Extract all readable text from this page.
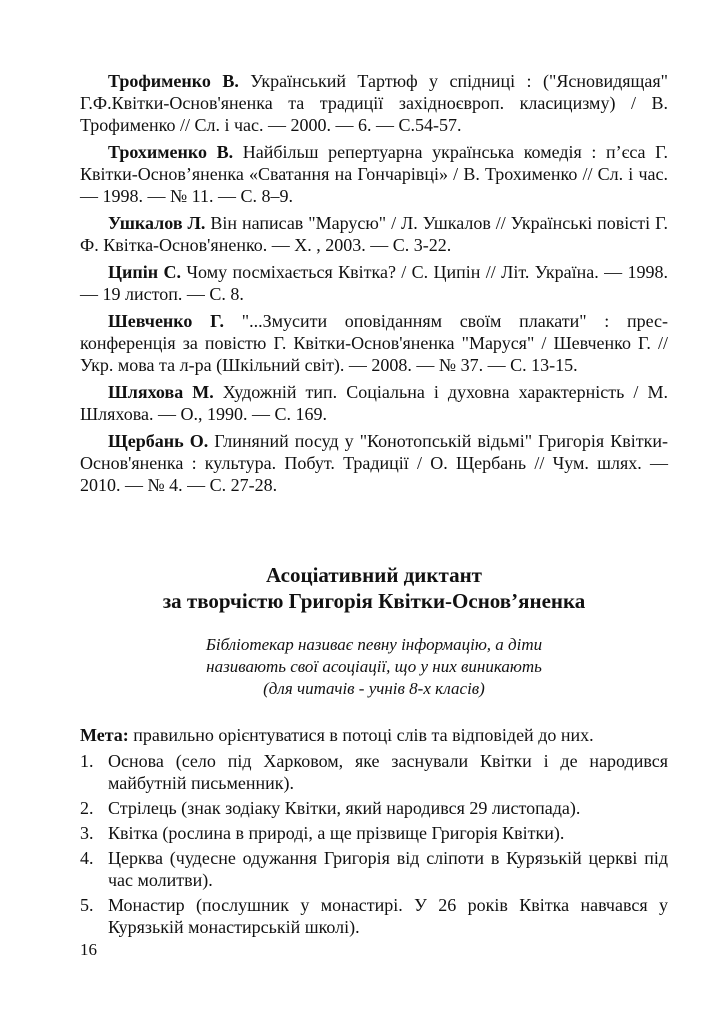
Трофименко В. Український Тартюф у спідниці : ("Ясновидящая" Г.Ф.Квітки-Основ'яненка та традиції західноєвроп. класицизму) / В. Трофименко // Сл. і час. — 2000. — 6. — С.54-57.

Трохименко В. Найбільш репертуарна українська комедія : п’єса Г. Квітки-Основ’яненка «Сватання на Гончарівці» / В. Трохименко // Сл. і час. — 1998. — № 11. — С. 8–9.

Ушкалов Л. Він написав "Марусю" / Л. Ушкалов // Українські повісті Г. Ф. Квітка-Основ'яненко. — Х. , 2003. — С. 3-22.

Ципін С. Чому посміхається Квітка? / С. Ципін // Літ. Україна. — 1998. — 19 листоп. — С. 8.

Шевченко Г. "...Змусити оповіданням своїм плакати" : прес-конференція за повістю Г. Квітки-Основ'яненка "Маруся" / Шевченко Г. // Укр. мова та л-ра (Шкільний світ). — 2008. — № 37. — С. 13-15.

Шляхова М. Художній тип. Соціальна і духовна характерність / М. Шляхова. — О., 1990. — С. 169.

Щербань О. Глиняний посуд у "Конотопській відьмі" Григорія Квітки-Основ'яненка : культура. Побут. Традиції / О. Щербань // Чум. шлях. — 2010. — № 4. — С. 27-28.

Асоціативний диктант
за творчістю Григорія Квітки-Основ’яненка
Бібліотекар називає певну інформацію, а діти
називають свої асоціації, що у них виникають
(для читачів - учнів 8-х класів)
Мета: правильно орієнтуватися в потоці слів та відповідей до них.
1. Основа (село під Харковом, яке заснували Квітки і де народився майбутній письменник).
2. Стрілець (знак зодіаку Квітки, який народився 29 листопада).
3. Квітка (рослина в природі, а ще прізвище Григорія Квітки).
4. Церква (чудесне одужання Григорія від сліпоти в Курязькій церкві під час молитви).
5. Монастир (послушник у монастирі. У 26 років Квітка навчався у Курязькій монастирській школі).
16
